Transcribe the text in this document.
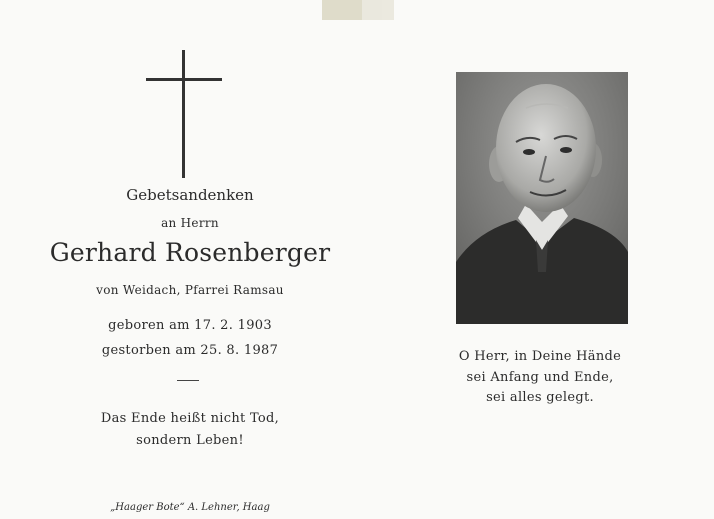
Gebetsandenken
an Herrn
Gerhard Rosenberger
von Weidach, Pfarrei Ramsau
geboren am 17. 2. 1903
gestorben am 25. 8. 1987
Das Ende heißt nicht Tod,
sondern Leben!
„Haager Bote“ A. Lehner, Haag
O Herr, in Deine Hände
sei Anfang und Ende,
sei alles gelegt.
